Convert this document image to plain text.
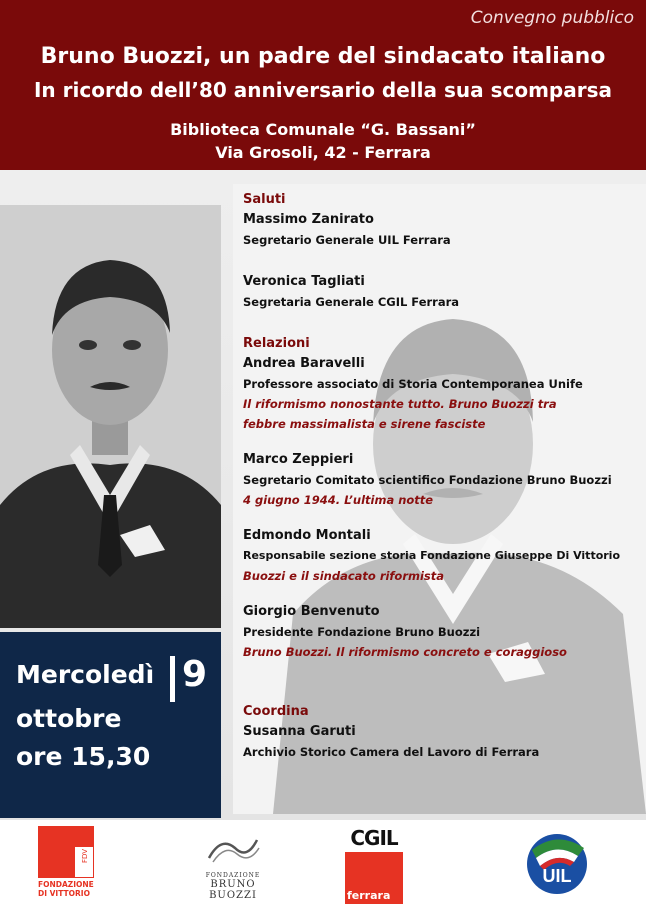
Convegno pubblico
Bruno Buozzi, un padre del sindacato italiano
In ricordo dell’80 anniversario della sua scomparsa
Biblioteca Comunale “G. Bassani”
Via Grosoli, 42 - Ferrara
Mercoledì 9
ottobre
ore 15,30
Saluti
Massimo Zanirato
Segretario Generale UIL Ferrara
Veronica Tagliati
Segretaria Generale CGIL Ferrara
Relazioni
Andrea Baravelli
Professore associato di Storia Contemporanea Unife
Il riformismo nonostante tutto. Bruno Buozzi tra febbre massimalista e sirene fasciste
Marco Zeppieri
Segretario Comitato scientifico Fondazione Bruno Buozzi
4 giugno 1944. L’ultima notte
Edmondo Montali
Responsabile sezione storia Fondazione Giuseppe Di Vittorio
Buozzi e il sindacato riformista
Giorgio Benvenuto
Presidente Fondazione Bruno Buozzi
Bruno Buozzi. Il riformismo concreto e coraggioso
Coordina
Susanna Garuti
Archivio Storico Camera del Lavoro di Ferrara
FDV
FONDAZIONE
DI VITTORIO
FONDAZIONE
BRUNO BUOZZI
CGIL
ferrara
UIL
